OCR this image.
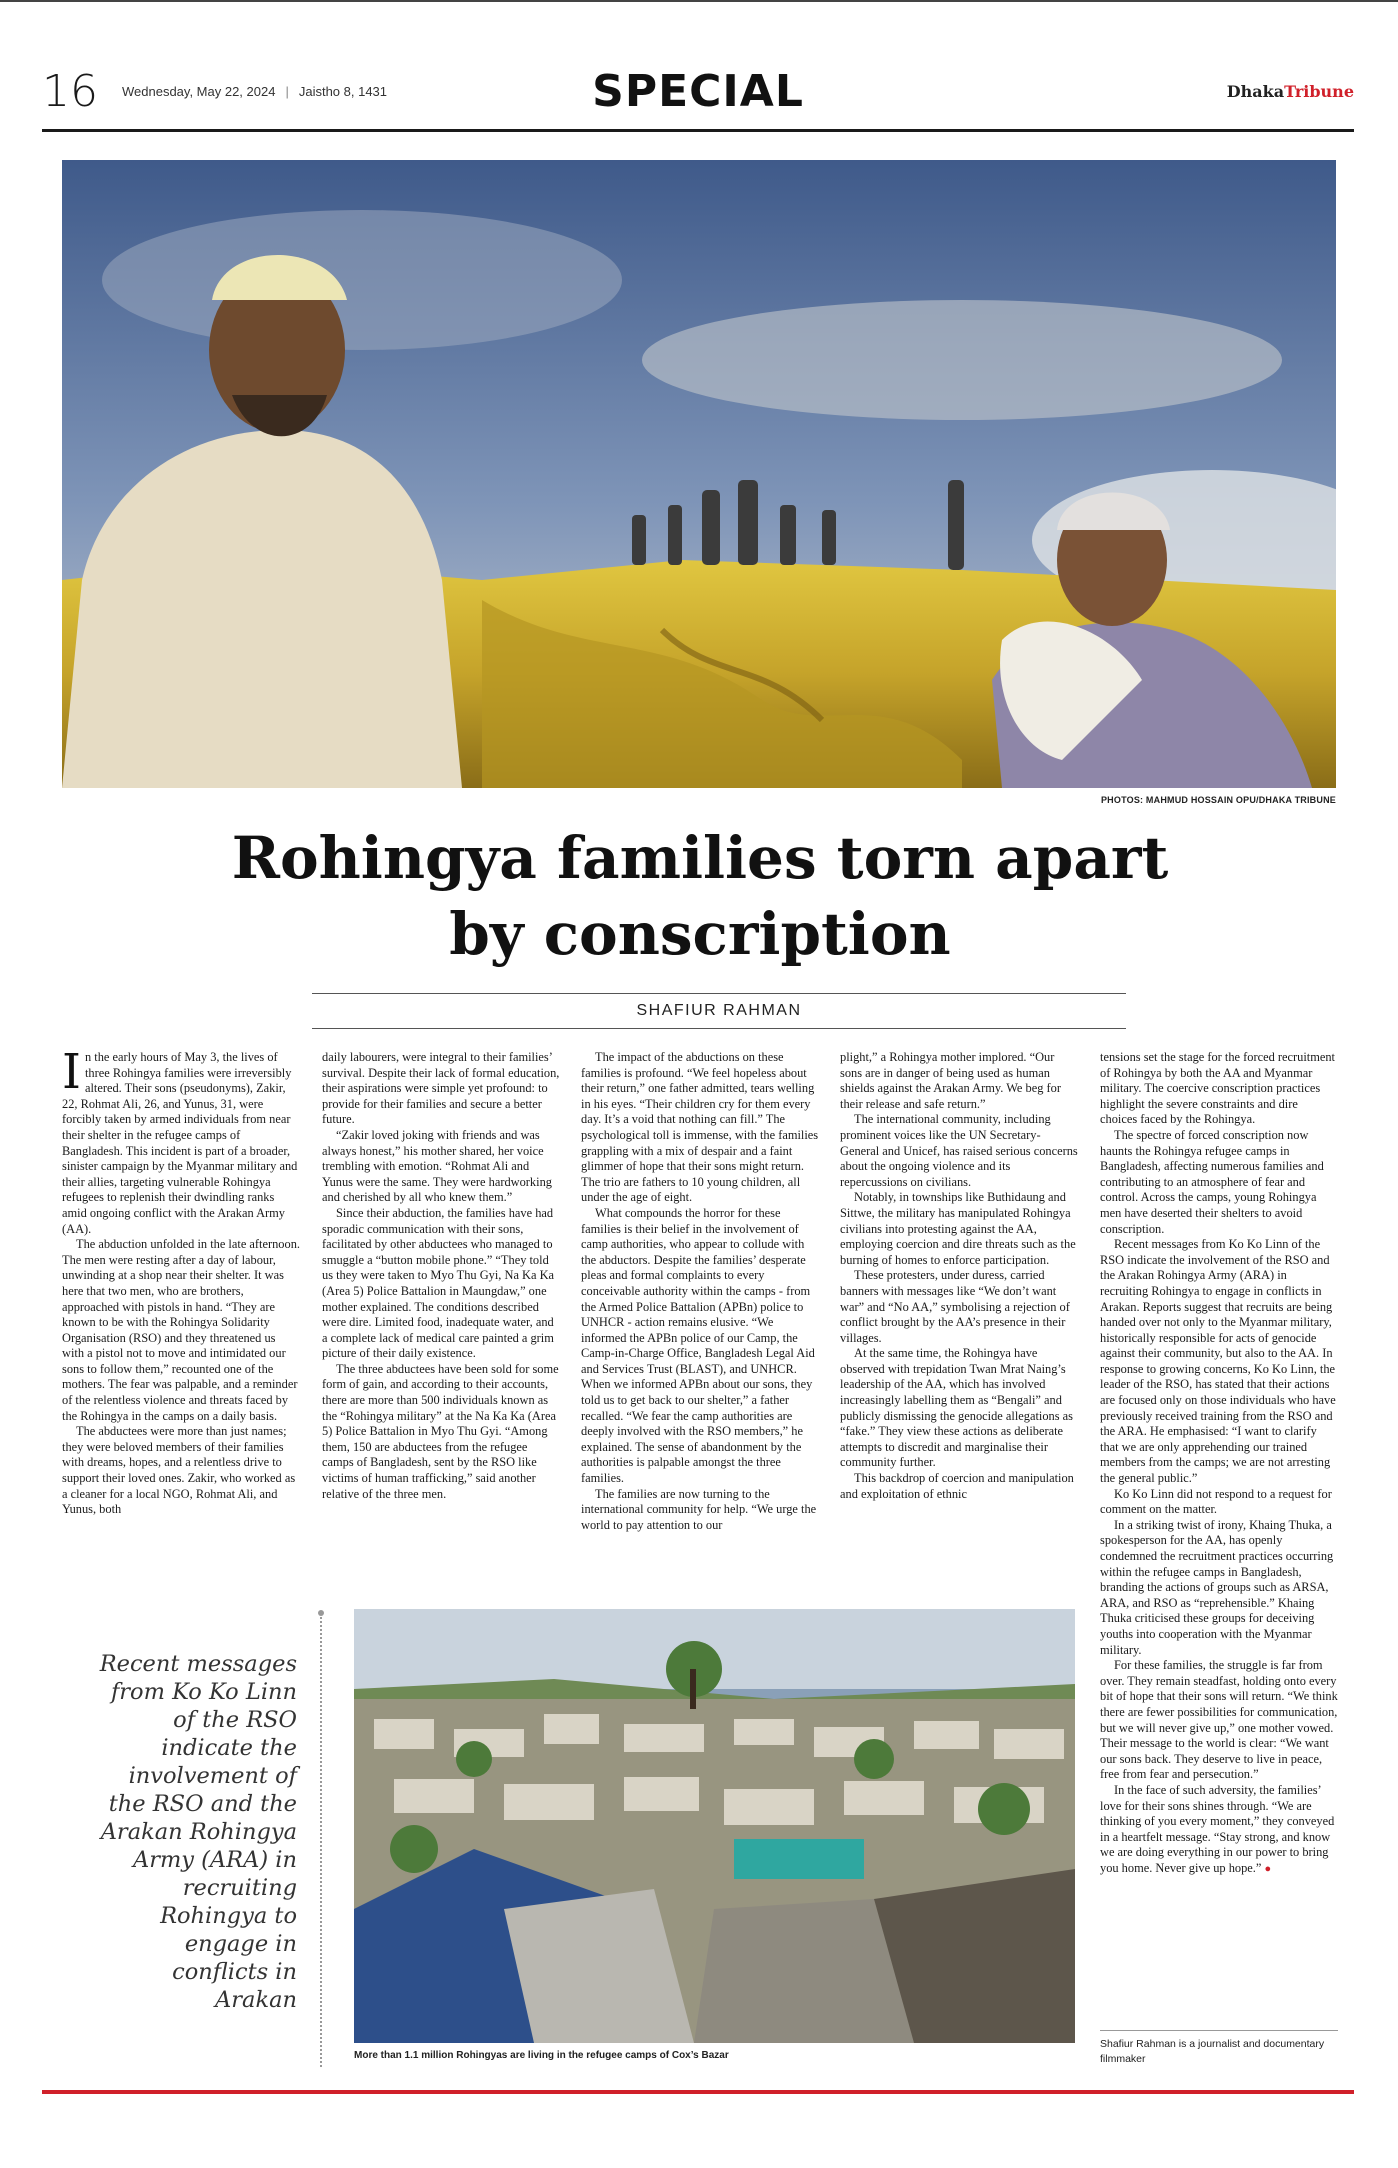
16 Wednesday, May 22, 2024 | Jaistho 8, 1431	SPECIAL	DhakaTribune
PHOTOS: MAHMUD HOSSAIN OPU/DHAKA TRIBUNE
Rohingya families torn apart
by conscription
SHAFIUR RAHMAN

In the early hours of May 3, the lives of three Rohingya families were irreversibly altered. Their sons (pseudonyms), Zakir, 22, Rohmat Ali, 26, and Yunus, 31, were forcibly taken by armed individuals from near their shelter in the refugee camps of Bangladesh. This incident is part of a broader, sinister campaign by the Myanmar military and their allies, targeting vulnerable Rohingya refugees to replenish their dwindling ranks amid ongoing conflict with the Arakan Army (AA).

The abduction unfolded in the late afternoon. The men were resting after a day of labour, unwinding at a shop near their shelter. It was here that two men, who are brothers, approached with pistols in hand. “They are known to be with the Rohingya Solidarity Organisation (RSO) and they threatened us with a pistol not to move and intimidated our sons to follow them,” recounted one of the mothers. The fear was palpable, and a reminder of the relentless violence and threats faced by the Rohingya in the camps on a daily basis.

The abductees were more than just names; they were beloved members of their families with dreams, hopes, and a relentless drive to support their loved ones. Zakir, who worked as a cleaner for a local NGO, Rohmat Ali, and Yunus, both

daily labourers, were integral to their families’ survival. Despite their lack of formal education, their aspirations were simple yet profound: to provide for their families and secure a better future.

“Zakir loved joking with friends and was always honest,” his mother shared, her voice trembling with emotion. “Rohmat Ali and Yunus were the same. They were hardworking and cherished by all who knew them.”

Since their abduction, the families have had sporadic communication with their sons, facilitated by other abductees who managed to smuggle a “button mobile phone.” “They told us they were taken to Myo Thu Gyi, Na Ka Ka (Area 5) Police Battalion in Maungdaw,” one mother explained. The conditions described were dire. Limited food, inadequate water, and a complete lack of medical care painted a grim picture of their daily existence.

The three abductees have been sold for some form of gain, and according to their accounts, there are more than 500 individuals known as the “Rohingya military” at the Na Ka Ka (Area 5) Police Battalion in Myo Thu Gyi. “Among them, 150 are abductees from the refugee camps of Bangladesh, sent by the RSO like victims of human trafficking,” said another relative of the three men.

The impact of the abductions on these families is profound. “We feel hopeless about their return,” one father admitted, tears welling in his eyes. “Their children cry for them every day. It’s a void that nothing can fill.” The psychological toll is immense, with the families grappling with a mix of despair and a faint glimmer of hope that their sons might return. The trio are fathers to 10 young children, all under the age of eight.

What compounds the horror for these families is their belief in the involvement of camp authorities, who appear to collude with the abductors. Despite the families’ desperate pleas and formal complaints to every conceivable authority within the camps - from the Armed Police Battalion (APBn) police to UNHCR - action remains elusive. “We informed the APBn police of our Camp, the Camp-in-Charge Office, Bangladesh Legal Aid and Services Trust (BLAST), and UNHCR. When we informed APBn about our sons, they told us to get back to our shelter,” a father recalled. “We fear the camp authorities are deeply involved with the RSO members,” he explained. The sense of abandonment by the authorities is palpable amongst the three families.

The families are now turning to the international community for help. “We urge the world to pay attention to our

plight,” a Rohingya mother implored. “Our sons are in danger of being used as human shields against the Arakan Army. We beg for their release and safe return.”

The international community, including prominent voices like the UN Secretary-General and Unicef, has raised serious concerns about the ongoing violence and its repercussions on civilians.

Notably, in townships like Buthidaung and Sittwe, the military has manipulated Rohingya civilians into protesting against the AA, employing coercion and dire threats such as the burning of homes to enforce participation.

These protesters, under duress, carried banners with messages like “We don’t want war” and “No AA,” symbolising a rejection of conflict brought by the AA’s presence in their villages.

At the same time, the Rohingya have observed with trepidation Twan Mrat Naing’s leadership of the AA, which has involved increasingly labelling them as “Bengali” and publicly dismissing the genocide allegations as “fake.” They view these actions as deliberate attempts to discredit and marginalise their community further.

This backdrop of coercion and manipulation and exploitation of ethnic

tensions set the stage for the forced recruitment of Rohingya by both the AA and Myanmar military. The coercive conscription practices highlight the severe constraints and dire choices faced by the Rohingya.

The spectre of forced conscription now haunts the Rohingya refugee camps in Bangladesh, affecting numerous families and contributing to an atmosphere of fear and control. Across the camps, young Rohingya men have deserted their shelters to avoid conscription.

Recent messages from Ko Ko Linn of the RSO indicate the involvement of the RSO and the Arakan Rohingya Army (ARA) in recruiting Rohingya to engage in conflicts in Arakan. Reports suggest that recruits are being handed over not only to the Myanmar military, historically responsible for acts of genocide against their community, but also to the AA. In response to growing concerns, Ko Ko Linn, the leader of the RSO, has stated that their actions are focused only on those individuals who have previously received training from the RSO and the ARA. He emphasised: “I want to clarify that we are only apprehending our trained members from the camps; we are not arresting the general public.”

Ko Ko Linn did not respond to a request for comment on the matter.

In a striking twist of irony, Khaing Thuka, a spokesperson for the AA, has openly condemned the recruitment practices occurring within the refugee camps in Bangladesh, branding the actions of groups such as ARSA, ARA, and RSO as “reprehensible.” Khaing Thuka criticised these groups for deceiving youths into cooperation with the Myanmar military.

For these families, the struggle is far from over. They remain steadfast, holding onto every bit of hope that their sons will return. “We think there are fewer possibilities for communication, but we will never give up,” one mother vowed. Their message to the world is clear: “We want our sons back. They deserve to live in peace, free from fear and persecution.”

In the face of such adversity, the families’ love for their sons shines through. “We are thinking of you every moment,” they conveyed in a heartfelt message. “Stay strong, and know we are doing everything in our power to bring you home. Never give up hope.” ●

Recent messages from Ko Ko Linn of the RSO indicate the involvement of the RSO and the Arakan Rohingya Army (ARA) in recruiting Rohingya to engage in conflicts in Arakan
More than 1.1 million Rohingyas are living in the refugee camps of Cox’s Bazar
Shafiur Rahman is a journalist and documentary filmmaker
